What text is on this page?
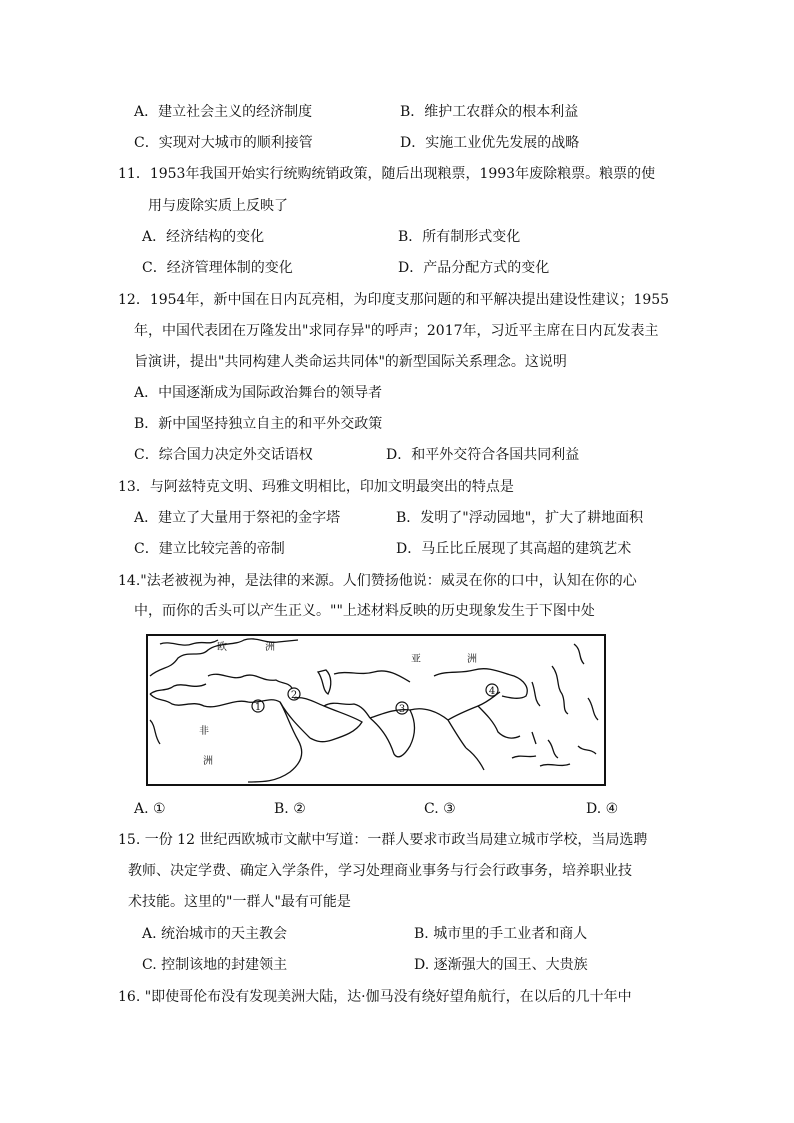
A．建立社会主义的经济制度	B．维护工农群众的根本利益
C．实现对大城市的顺利接管	D．实施工业优先发展的战略
11．1953年我国开始实行统购统销政策，随后出现粮票，1993年废除粮票。粮票的使
用与废除实质上反映了
A．经济结构的变化	B．所有制形式变化
C．经济管理体制的变化	D．产品分配方式的变化
12．1954年，新中国在日内瓦亮相，为印度支那问题的和平解决提出建设性建议；1955
年，中国代表团在万隆发出"求同存异"的呼声；2017年，习近平主席在日内瓦发表主
旨演讲，提出"共同构建人类命运共同体"的新型国际关系理念。这说明
A．中国逐渐成为国际政治舞台的领导者
B．新中国坚持独立自主的和平外交政策
C．综合国力决定外交话语权	D．和平外交符合各国共同利益
13．与阿兹特克文明、玛雅文明相比，印加文明最突出的特点是
A．建立了大量用于祭祀的金字塔	B．发明了"浮动园地"，扩大了耕地面积
C．建立比较完善的帝制	D．马丘比丘展现了其高超的建筑艺术
14."法老被视为神，是法律的来源。人们赞扬他说：威灵在你的口中，认知在你的心
中，而你的舌头可以产生正义。""上述材料反映的历史现象发生于下图中处
1
2
3
4
欧	洲
亚	洲
非
洲
A. ①	B. ②	C. ③	D. ④
15. 一份 12 世纪西欧城市文献中写道：一群人要求市政当局建立城市学校，当局选聘
教师、决定学费、确定入学条件，学习处理商业事务与行会行政事务，培养职业技
术技能。这里的"一群人"最有可能是
A. 统治城市的天主教会	B. 城市里的手工业者和商人
C. 控制该地的封建领主	D. 逐渐强大的国王、大贵族
16. "即使哥伦布没有发现美洲大陆，达·伽马没有绕好望角航行，在以后的几十年中
